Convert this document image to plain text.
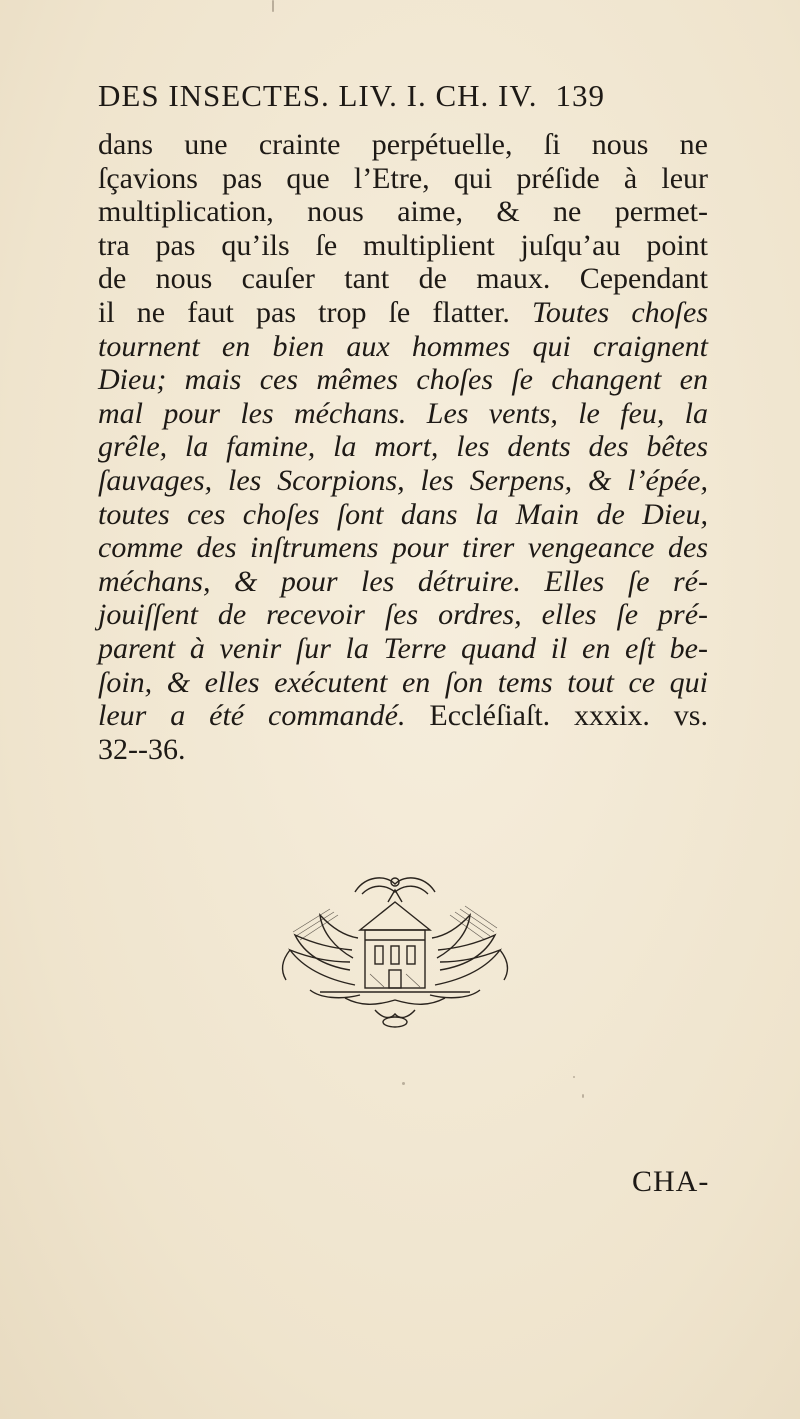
DES INSECTES. LIV. I. CH. IV. 139
dans une crainte perpétuelle, ſi nous ne
ſçavions pas que l’Etre, qui préſide à leur
multiplication, nous aime, & ne permet-
tra pas qu’ils ſe multiplient juſqu’au point
de nous cauſer tant de maux. Cependant
il ne faut pas trop ſe flatter. Toutes choſes
tournent en bien aux hommes qui craignent
Dieu; mais ces mêmes choſes ſe changent en
mal pour les méchans. Les vents, le feu, la
grêle, la famine, la mort, les dents des bêtes
ſauvages, les Scorpions, les Serpens, & l’épée,
toutes ces choſes ſont dans la Main de Dieu,
comme des inſtrumens pour tirer vengeance des
méchans, & pour les détruire. Elles ſe ré-
jouiſſent de recevoir ſes ordres, elles ſe pré-
parent à venir ſur la Terre quand il en eſt be-
ſoin, & elles exécutent en ſon tems tout ce qui
leur a été commandé. Eccléſiaſt. xxxix. vs.
32--36.
CHA-
